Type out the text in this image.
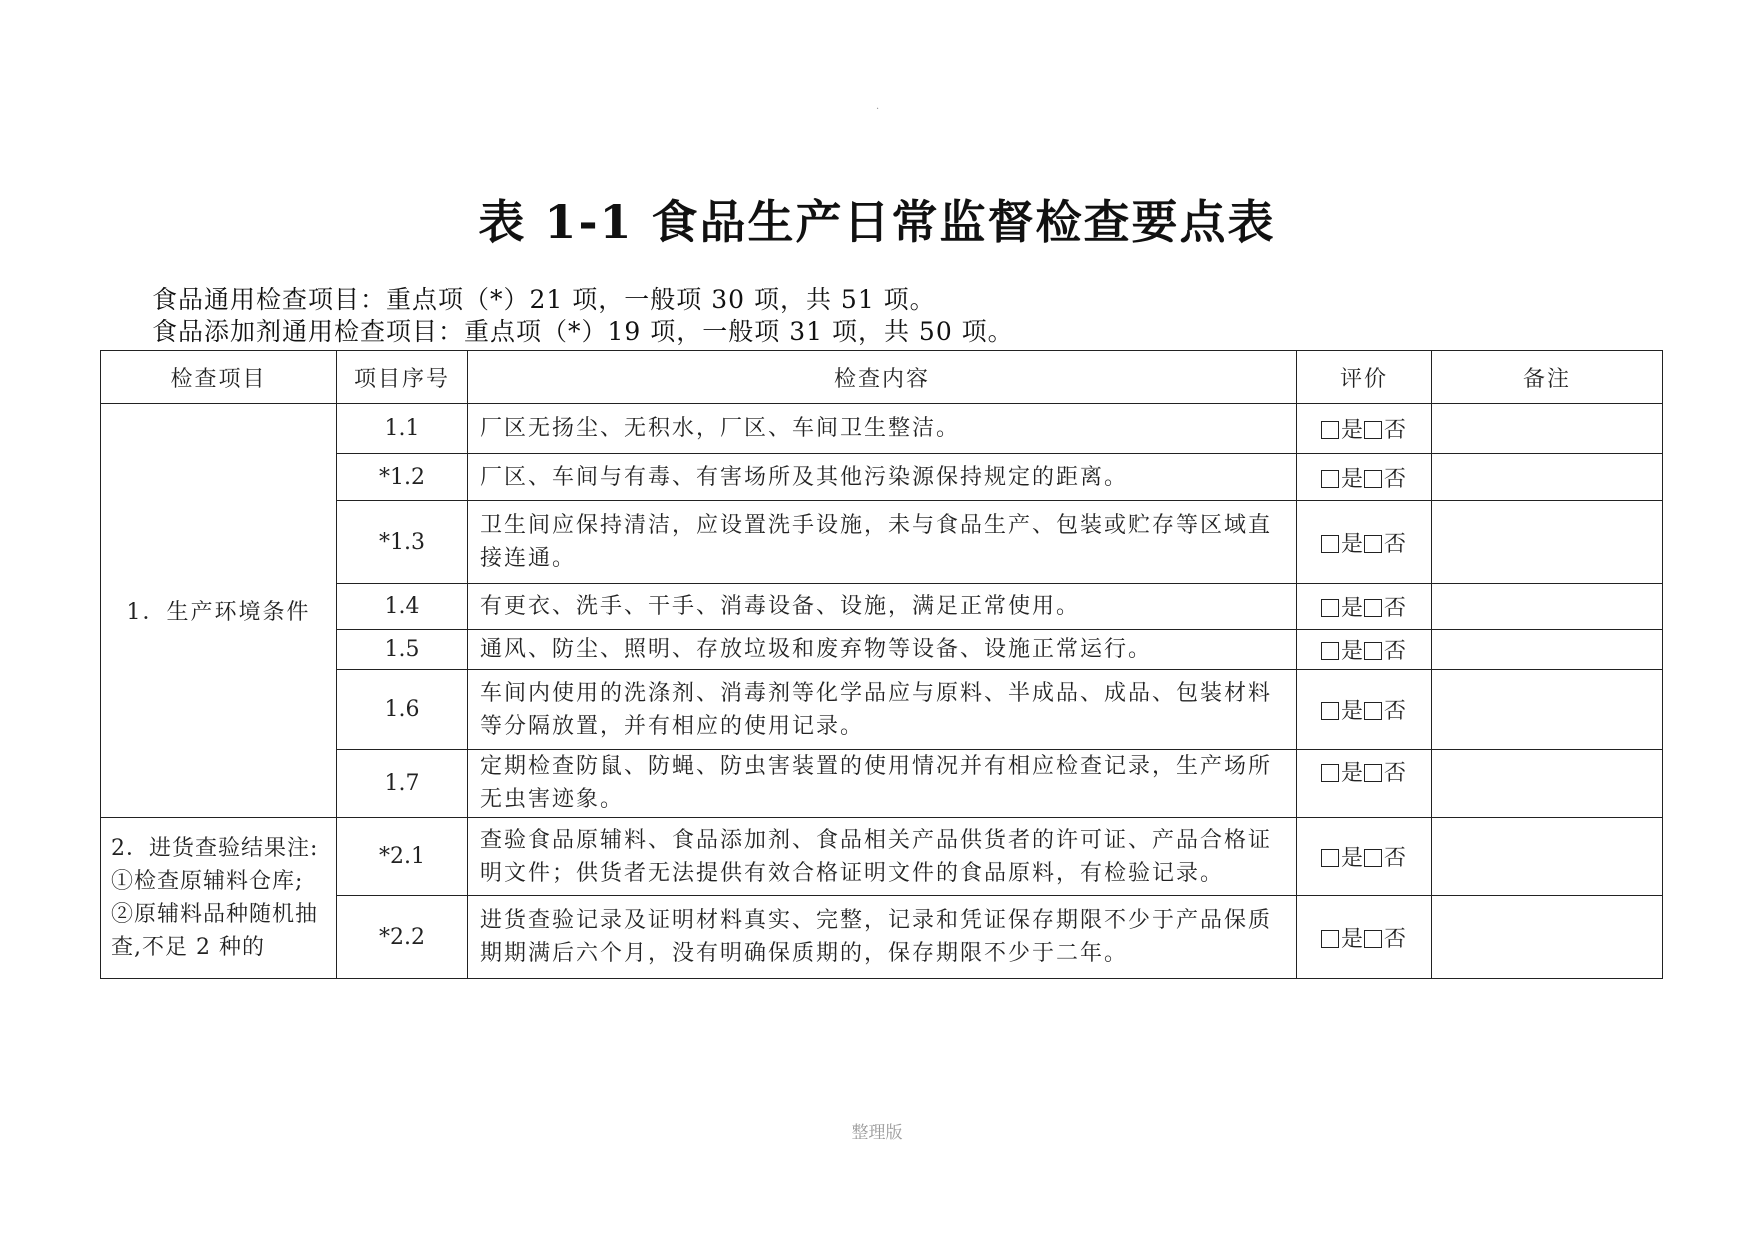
·
表 1-1 食品生产日常监督检查要点表
食品通用检查项目：重点项（*）21 项，一般项 30 项，共 51 项。
食品添加剂通用检查项目：重点项（*）19 项，一般项 31 项，共 50 项。
检查项目	项目序号	检查内容	评价	备注
1．生产环境条件	1.1	厂区无扬尘、无积水，厂区、车间卫生整洁。	是 否	
	*1.2	厂区、车间与有毒、有害场所及其他污染源保持规定的距离。	是 否	
	*1.3	卫生间应保持清洁，应设置洗手设施，未与食品生产、包装或贮存等区域直接连通。	是 否	
	1.4	有更衣、洗手、干手、消毒设备、设施，满足正常使用。	是 否	
	1.5	通风、防尘、照明、存放垃圾和废弃物等设备、设施正常运行。	是 否	
	1.6	车间内使用的洗涤剂、消毒剂等化学品应与原料、半成品、成品、包装材料等分隔放置，并有相应的使用记录。	是 否	
	1.7	定期检查防鼠、防蝇、防虫害装置的使用情况并有相应检查记录，生产场所无虫害迹象。	是 否	
2．进货查验结果注: ①检查原辅料仓库; ②原辅料品种随机抽查,不足 2 种的	*2.1	查验食品原辅料、食品添加剂、食品相关产品供货者的许可证、产品合格证明文件；供货者无法提供有效合格证明文件的食品原料，有检验记录。	是 否	
	*2.2	进货查验记录及证明材料真实、完整，记录和凭证保存期限不少于产品保质期期满后六个月，没有明确保质期的，保存期限不少于二年。	是 否	
整理版
